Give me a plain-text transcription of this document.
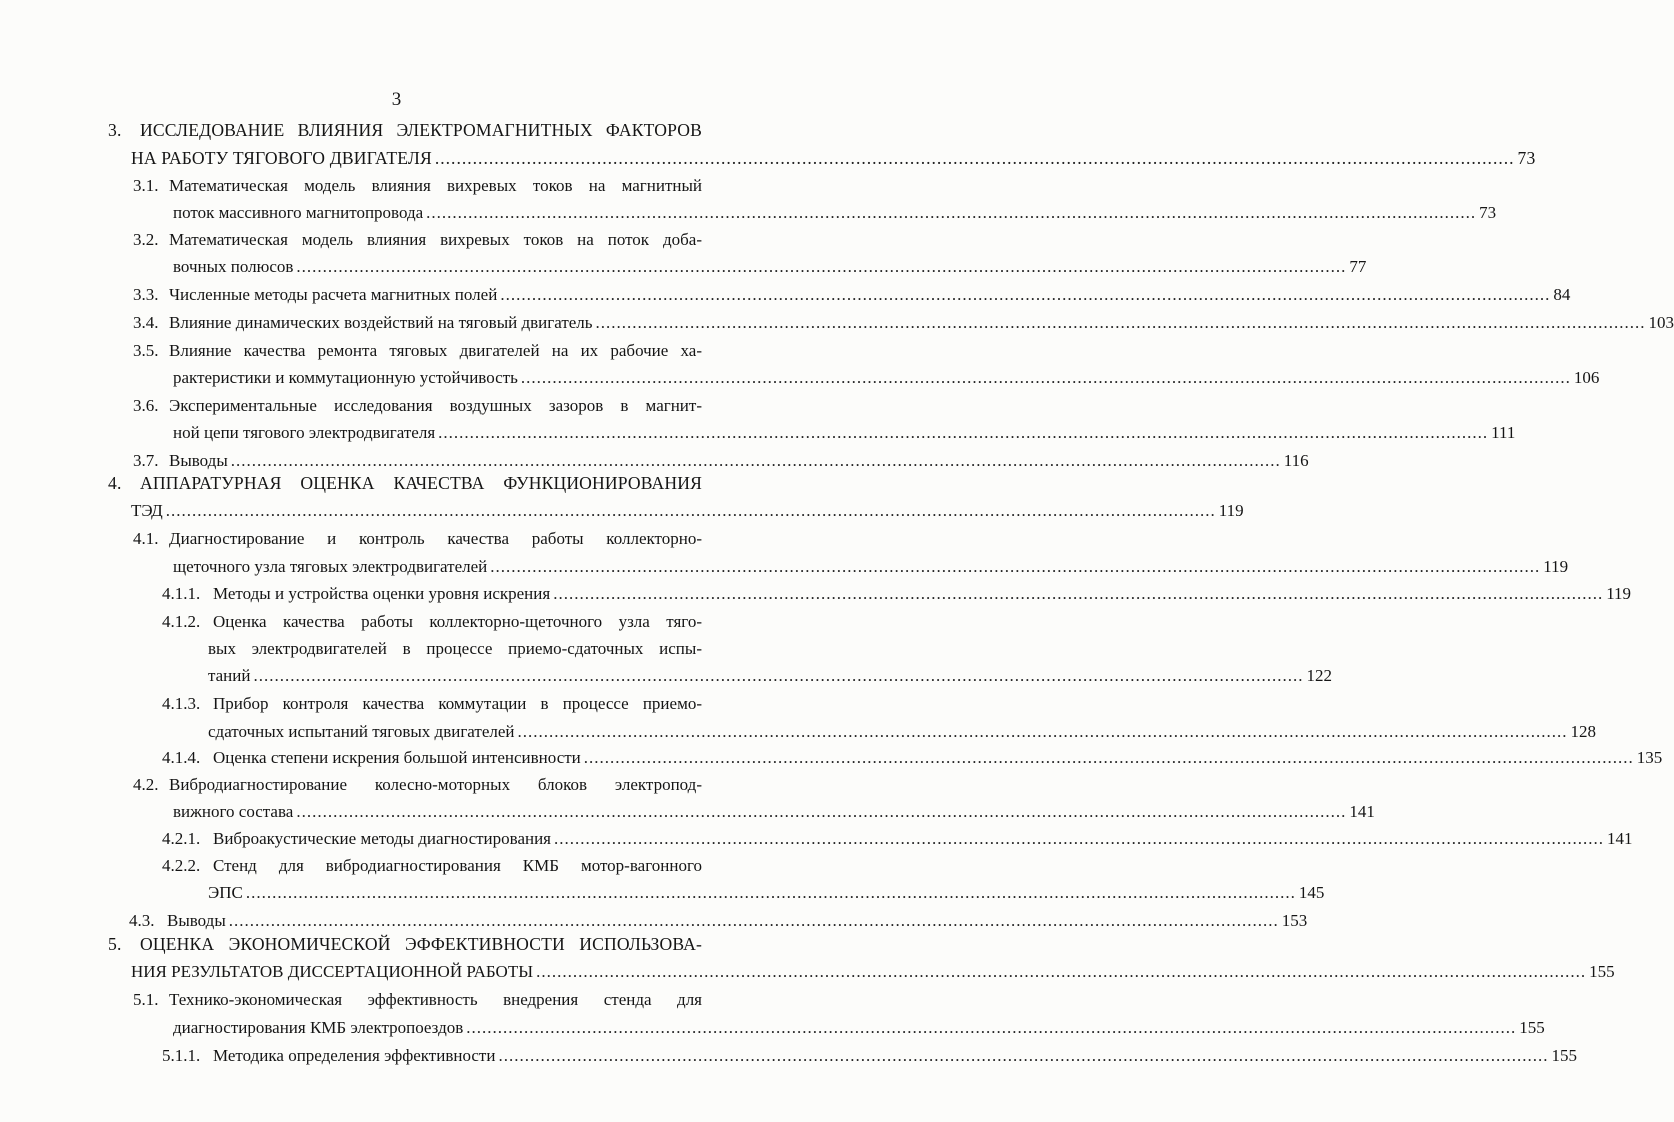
3
3.	ИССЛЕДОВАНИЕ ВЛИЯНИЯ ЭЛЕКТРОМАГНИТНЫХ ФАКТОРОВ
НА РАБОТУ ТЯГОВОГО ДВИГАТЕЛЯ ........................................................................................................................................................................................................ 73
3.1. Математическая модель влияния вихревых токов на магнитный
поток массивного магнитопровода ........................................................................................................................................................................................................ 73
3.2. Математическая модель влияния вихревых токов на поток доба-
вочных полюсов ........................................................................................................................................................................................................ 77
3.3. Численные методы расчета магнитных полей ........................................................................................................................................................................................................ 84
3.4. Влияние динамических воздействий на тяговый двигатель ........................................................................................................................................................................................................ 103
3.5. Влияние качества ремонта тяговых двигателей на их рабочие ха-
рактеристики и коммутационную устойчивость ........................................................................................................................................................................................................ 106
3.6. Экспериментальные исследования воздушных зазоров в магнит-
ной цепи тягового электродвигателя ........................................................................................................................................................................................................ 111
3.7. Выводы ........................................................................................................................................................................................................ 116
4.	АППАРАТУРНАЯ ОЦЕНКА КАЧЕСТВА ФУНКЦИОНИРОВАНИЯ
ТЭД ........................................................................................................................................................................................................ 119
4.1. Диагностирование и контроль качества работы коллекторно-
щеточного узла тяговых электродвигателей ........................................................................................................................................................................................................ 119
4.1.1. Методы и устройства оценки уровня искрения ........................................................................................................................................................................................................ 119
4.1.2. Оценка качества работы коллекторно-щеточного узла тяго-
вых электродвигателей в процессе приемо-сдаточных испы-
таний ........................................................................................................................................................................................................ 122
4.1.3. Прибор контроля качества коммутации в процессе приемо-
сдаточных испытаний тяговых двигателей ........................................................................................................................................................................................................ 128
4.1.4. Оценка степени искрения большой интенсивности ........................................................................................................................................................................................................ 135
4.2. Вибродиагностирование колесно-моторных блоков электропод-
вижного состава ........................................................................................................................................................................................................ 141
4.2.1. Виброакустические методы диагностирования ........................................................................................................................................................................................................ 141
4.2.2. Стенд для вибродиагностирования КМБ мотор-вагонного
ЭПС ........................................................................................................................................................................................................ 145
4.3. Выводы ........................................................................................................................................................................................................ 153
5.	ОЦЕНКА ЭКОНОМИЧЕСКОЙ ЭФФЕКТИВНОСТИ ИСПОЛЬЗОВА-
НИЯ РЕЗУЛЬТАТОВ ДИССЕРТАЦИОННОЙ РАБОТЫ ........................................................................................................................................................................................................ 155
5.1. Технико-экономическая эффективность внедрения стенда для
диагностирования КМБ электропоездов ........................................................................................................................................................................................................ 155
5.1.1. Методика определения эффективности ........................................................................................................................................................................................................ 155
